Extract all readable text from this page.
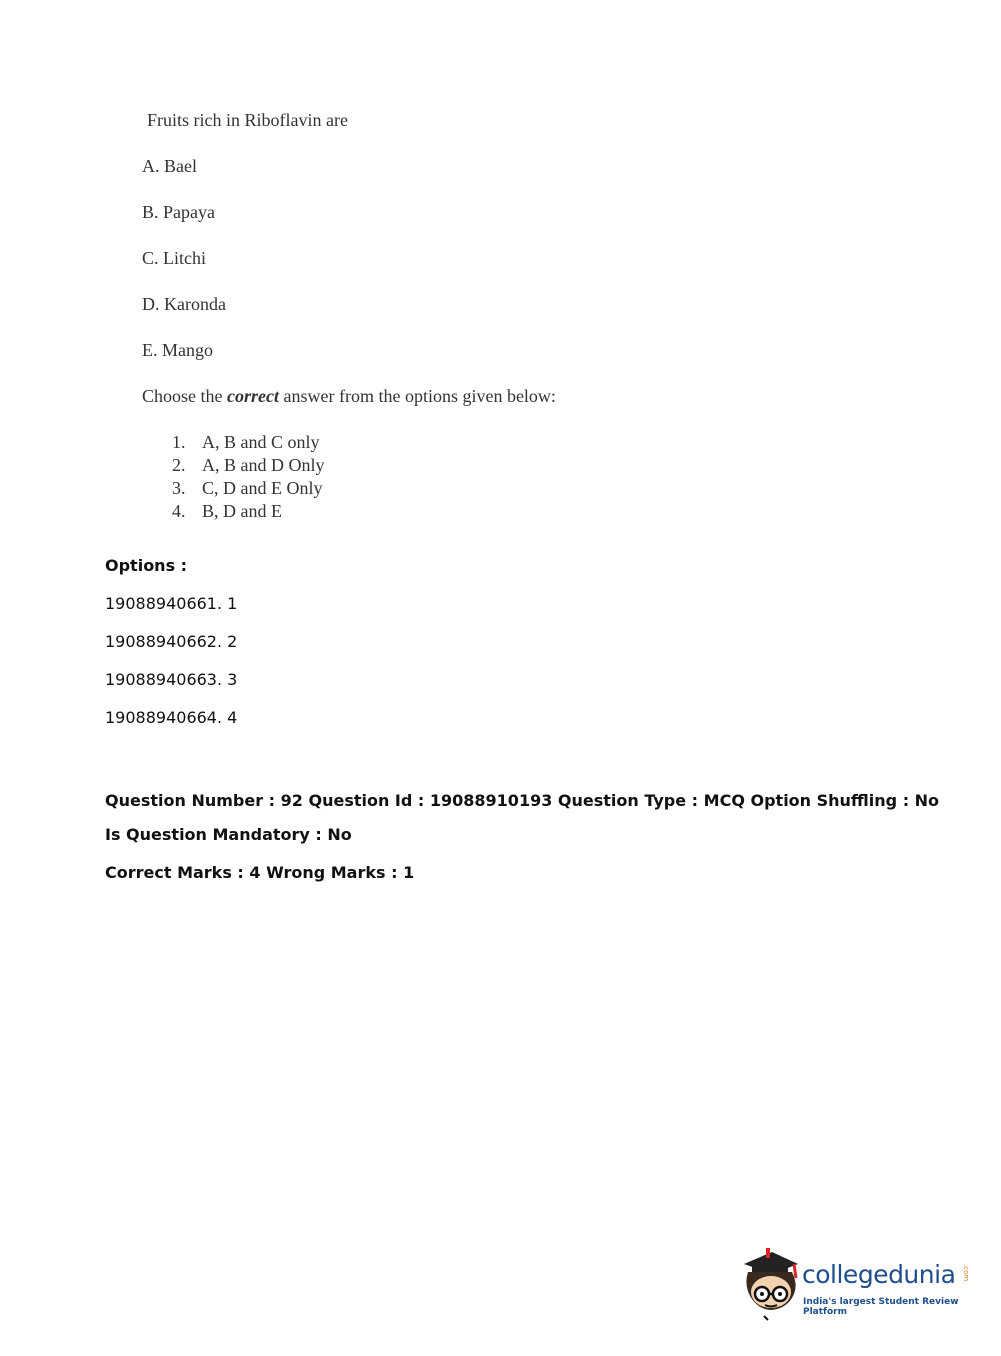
Fruits rich in Riboflavin are
A. Bael
B. Papaya
C. Litchi
D. Karonda
E. Mango
Choose the correct answer from the options given below:
1. A, B and C only
2. A, B and D Only
3. C, D and E Only
4. B, D and E
Options :
19088940661. 1
19088940662. 2
19088940663. 3
19088940664. 4
Question Number : 92 Question Id : 19088910193 Question Type : MCQ Option Shuffling : No
Is Question Mandatory : No
Correct Marks : 4 Wrong Marks : 1
collegedunia .com
India's largest Student Review Platform
